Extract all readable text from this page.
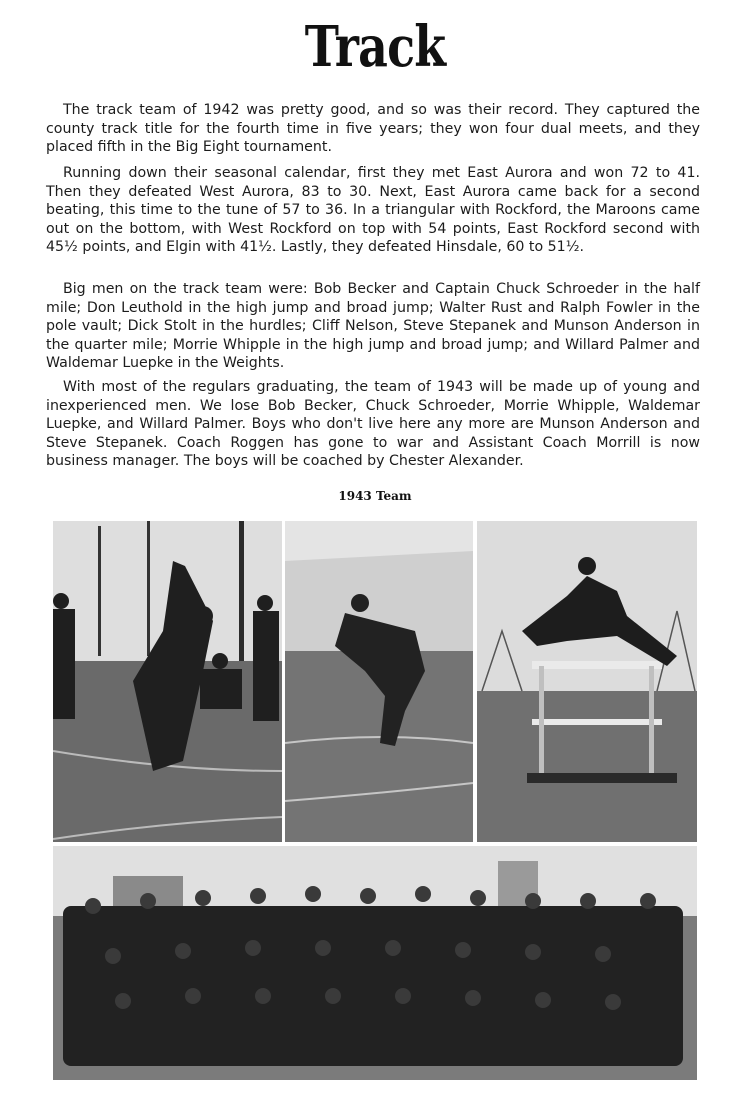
Track

The track team of 1942 was pretty good, and so was their record. They captured the county track title for the fourth time in five years; they won four dual meets, and they placed fifth in the Big Eight tournament.

Running down their seasonal calendar, first they met East Aurora and won 72 to 41. Then they defeated West Aurora, 83 to 30. Next, East Aurora came back for a second beating, this time to the tune of 57 to 36. In a triangular with Rockford, the Maroons came out on the bottom, with West Rockford on top with 54 points, East Rockford second with 45½ points, and Elgin with 41½. Lastly, they defeated Hinsdale, 60 to 51½.

Big men on the track team were: Bob Becker and Captain Chuck Schroeder in the half mile; Don Leuthold in the high jump and broad jump; Walter Rust and Ralph Fowler in the pole vault; Dick Stolt in the hurdles; Cliff Nelson, Steve Stepanek and Munson Anderson in the quarter mile; Morrie Whipple in the high jump and broad jump; and Willard Palmer and Waldemar Luepke in the Weights.

With most of the regulars graduating, the team of 1943 will be made up of young and inexperienced men. We lose Bob Becker, Chuck Schroeder, Morrie Whipple, Waldemar Luepke, and Willard Palmer. Boys who don't live here any more are Munson Anderson and Steve Stepanek. Coach Roggen has gone to war and Assistant Coach Morrill is now business manager. The boys will be coached by Chester Alexander.

1943 Team
